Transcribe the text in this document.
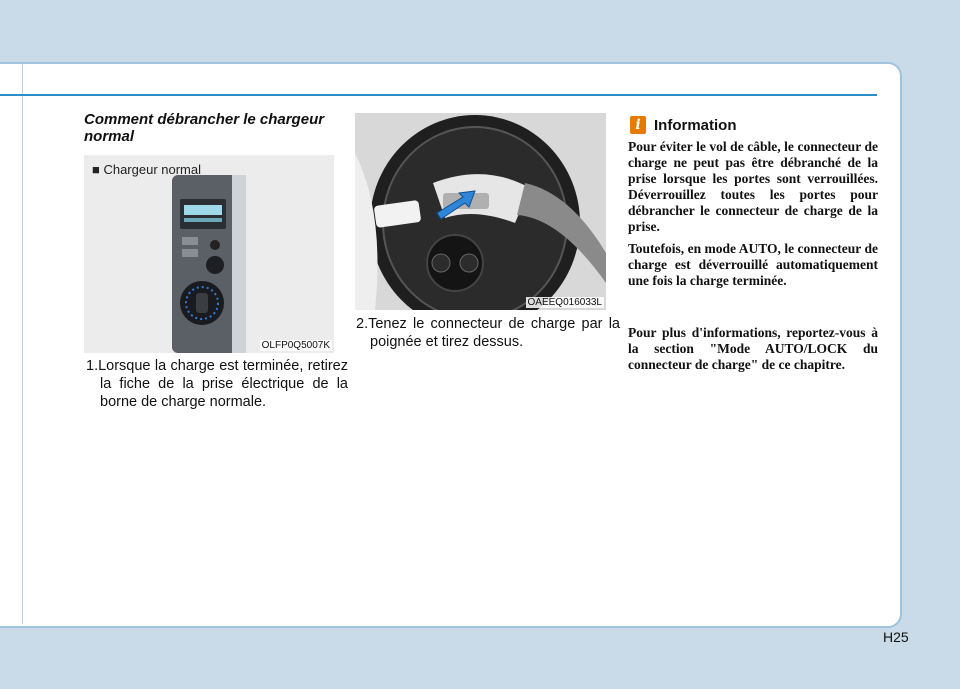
Comment débrancher le chargeur normal
■ Chargeur normal
OLFP0Q5007K
OAEEQ016033L

1.Lorsque la charge est terminée, retirez la fiche de la prise électrique de la borne de charge normale.

2.Tenez le connecteur de charge par la poignée et tirez dessus.

i Information

Pour éviter le vol de câble, le connecteur de charge ne peut pas être débranché de la prise lorsque les portes sont verrouillées. Déverrouillez toutes les portes pour débrancher le connecteur de charge de la prise.

Toutefois, en mode AUTO, le connecteur de charge est déverrouillé automatiquement une fois la charge terminée.

Pour plus d'informations, reportez-vous à la section "Mode AUTO/LOCK du connecteur de charge" de ce chapitre.

H25
